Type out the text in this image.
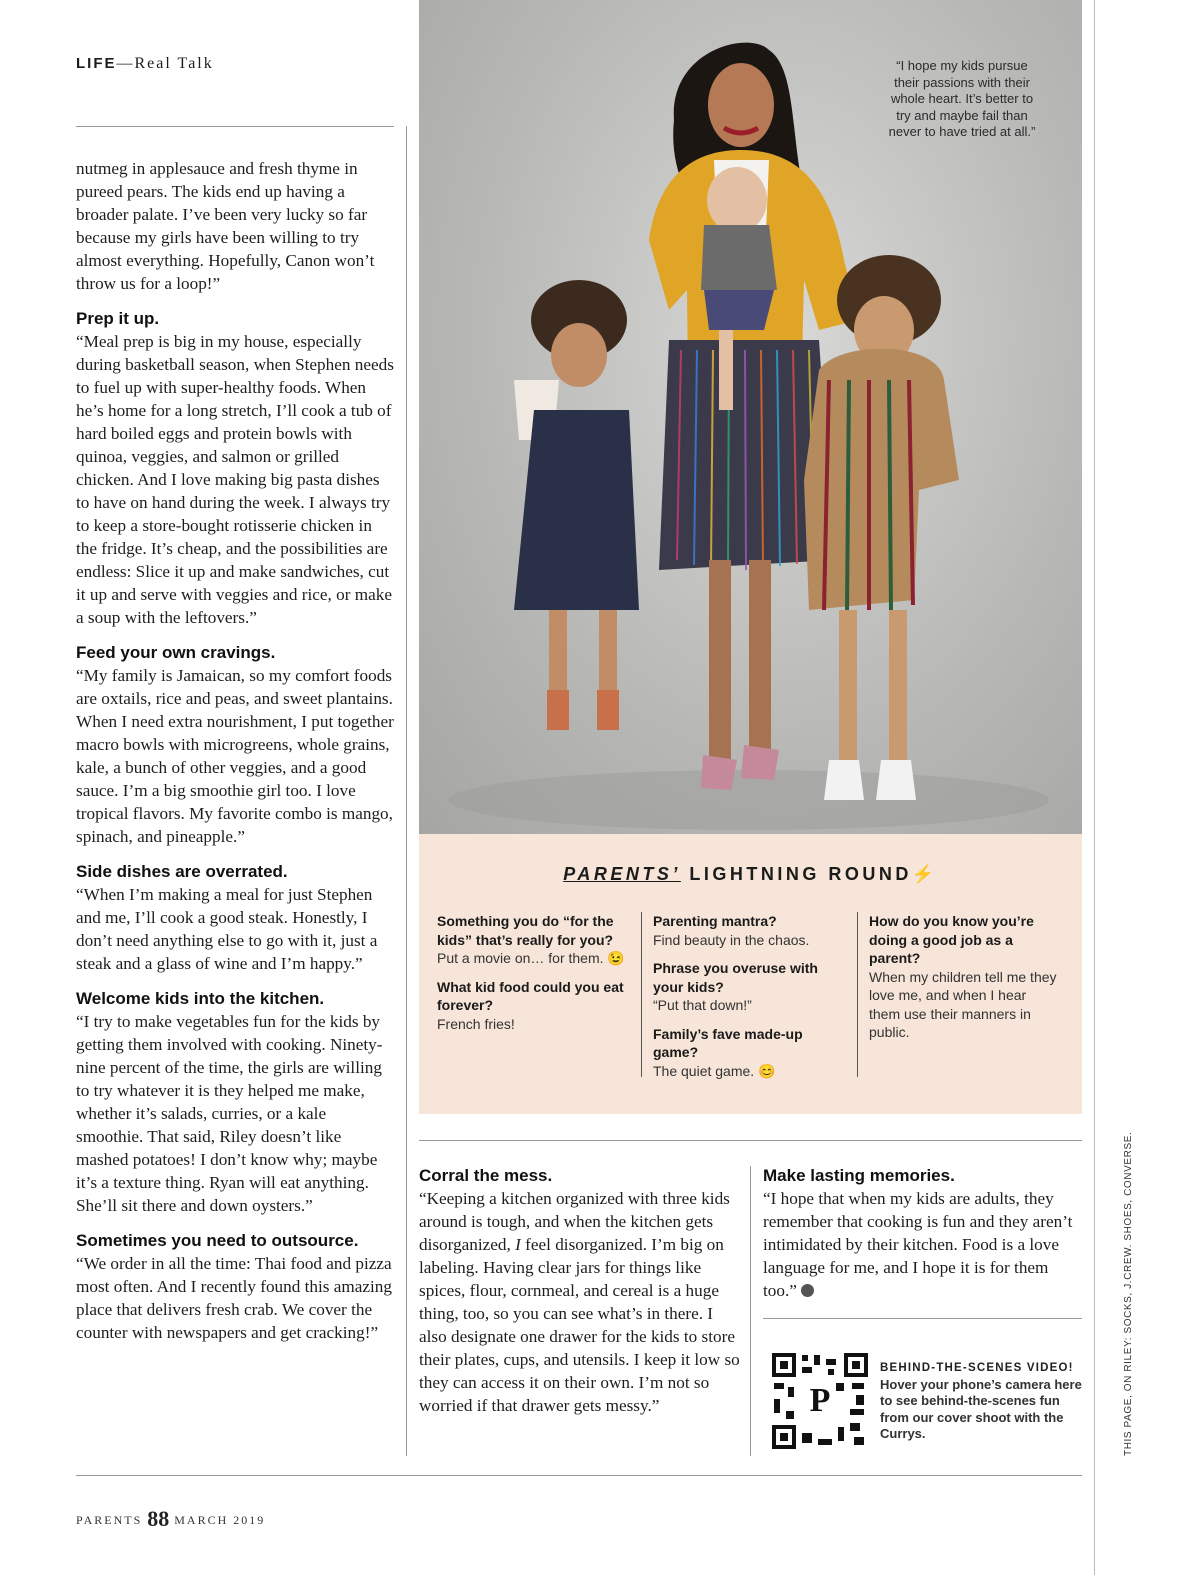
LIFE—Real Talk

nutmeg in applesauce and fresh thyme in pureed pears. The kids end up having a broader palate. I’ve been very lucky so far because my girls have been willing to try almost everything. Hopefully, Canon won’t throw us for a loop!”

Prep it up.
“Meal prep is big in my house, especially during basketball season, when Stephen needs to fuel up with super-healthy foods. When he’s home for a long stretch, I’ll cook a tub of hard boiled eggs and protein bowls with quinoa, veggies, and salmon or grilled chicken. And I love making big pasta dishes to have on hand during the week. I always try to keep a store-bought rotisserie chicken in the fridge. It’s cheap, and the possibilities are endless: Slice it up and make sandwiches, cut it up and serve with veggies and rice, or make a soup with the leftovers.”

Feed your own cravings.
“My family is Jamaican, so my comfort foods are oxtails, rice and peas, and sweet plantains. When I need extra nourishment, I put together macro bowls with microgreens, whole grains, kale, a bunch of other veggies, and a good sauce. I’m a big smoothie girl too. I love tropical flavors. My favorite combo is mango, spinach, and pineapple.”

Side dishes are overrated.
“When I’m making a meal for just Stephen and me, I’ll cook a good steak. Honestly, I don’t need anything else to go with it, just a steak and a glass of wine and I’m happy.”

Welcome kids into the kitchen.
“I try to make vegetables fun for the kids by getting them involved with cooking. Ninety-nine percent of the time, the girls are willing to try whatever it is they helped me make, whether it’s salads, curries, or a kale smoothie. That said, Riley doesn’t like mashed potatoes! I don’t know why; maybe it’s a texture thing. Ryan will eat anything. She’ll sit there and down oysters.”

Sometimes you need to outsource.
“We order in all the time: Thai food and pizza most often. And I recently found this amazing place that delivers fresh crab. We cover the counter with newspapers and get cracking!”

“I hope my kids pursue their passions with their whole heart. It’s better to try and maybe fail than never to have tried at all.”
PARENTS’ LIGHTNING ROUND⚡
Something you do “for the kids” that’s really for you?
Put a movie on… for them. 😉
What kid food could you eat forever?
French fries!
Parenting mantra?
Find beauty in the chaos.
Phrase you overuse with your kids?
“Put that down!”
Family’s fave made-up game?
The quiet game. 😊
How do you know you’re doing a good job as a parent?
When my children tell me they love me, and when I hear them use their manners in public.

Corral the mess.
“Keeping a kitchen organized with three kids around is tough, and when the kitchen gets disorganized, I feel disorganized. I’m big on labeling. Having clear jars for things like spices, flour, cornmeal, and cereal is a huge thing, too, so you can see what’s in there. I also designate one drawer for the kids to store their plates, cups, and utensils. I keep it low so they can access it on their own. I’m not so worried if that drawer gets messy.”

Make lasting memories.
“I hope that when my kids are adults, they remember that cooking is fun and they aren’t intimidated by their kitchen. Food is a love language for me, and I hope it is for them too.”

P
BEHIND-THE-SCENES VIDEO!
Hover your phone’s camera here to see behind-the-scenes fun from our cover shoot with the Currys.	THIS PAGE, ON RILEY: SOCKS, J.CREW. SHOES, CONVERSE.
PARENTS 88 MARCH 2019
